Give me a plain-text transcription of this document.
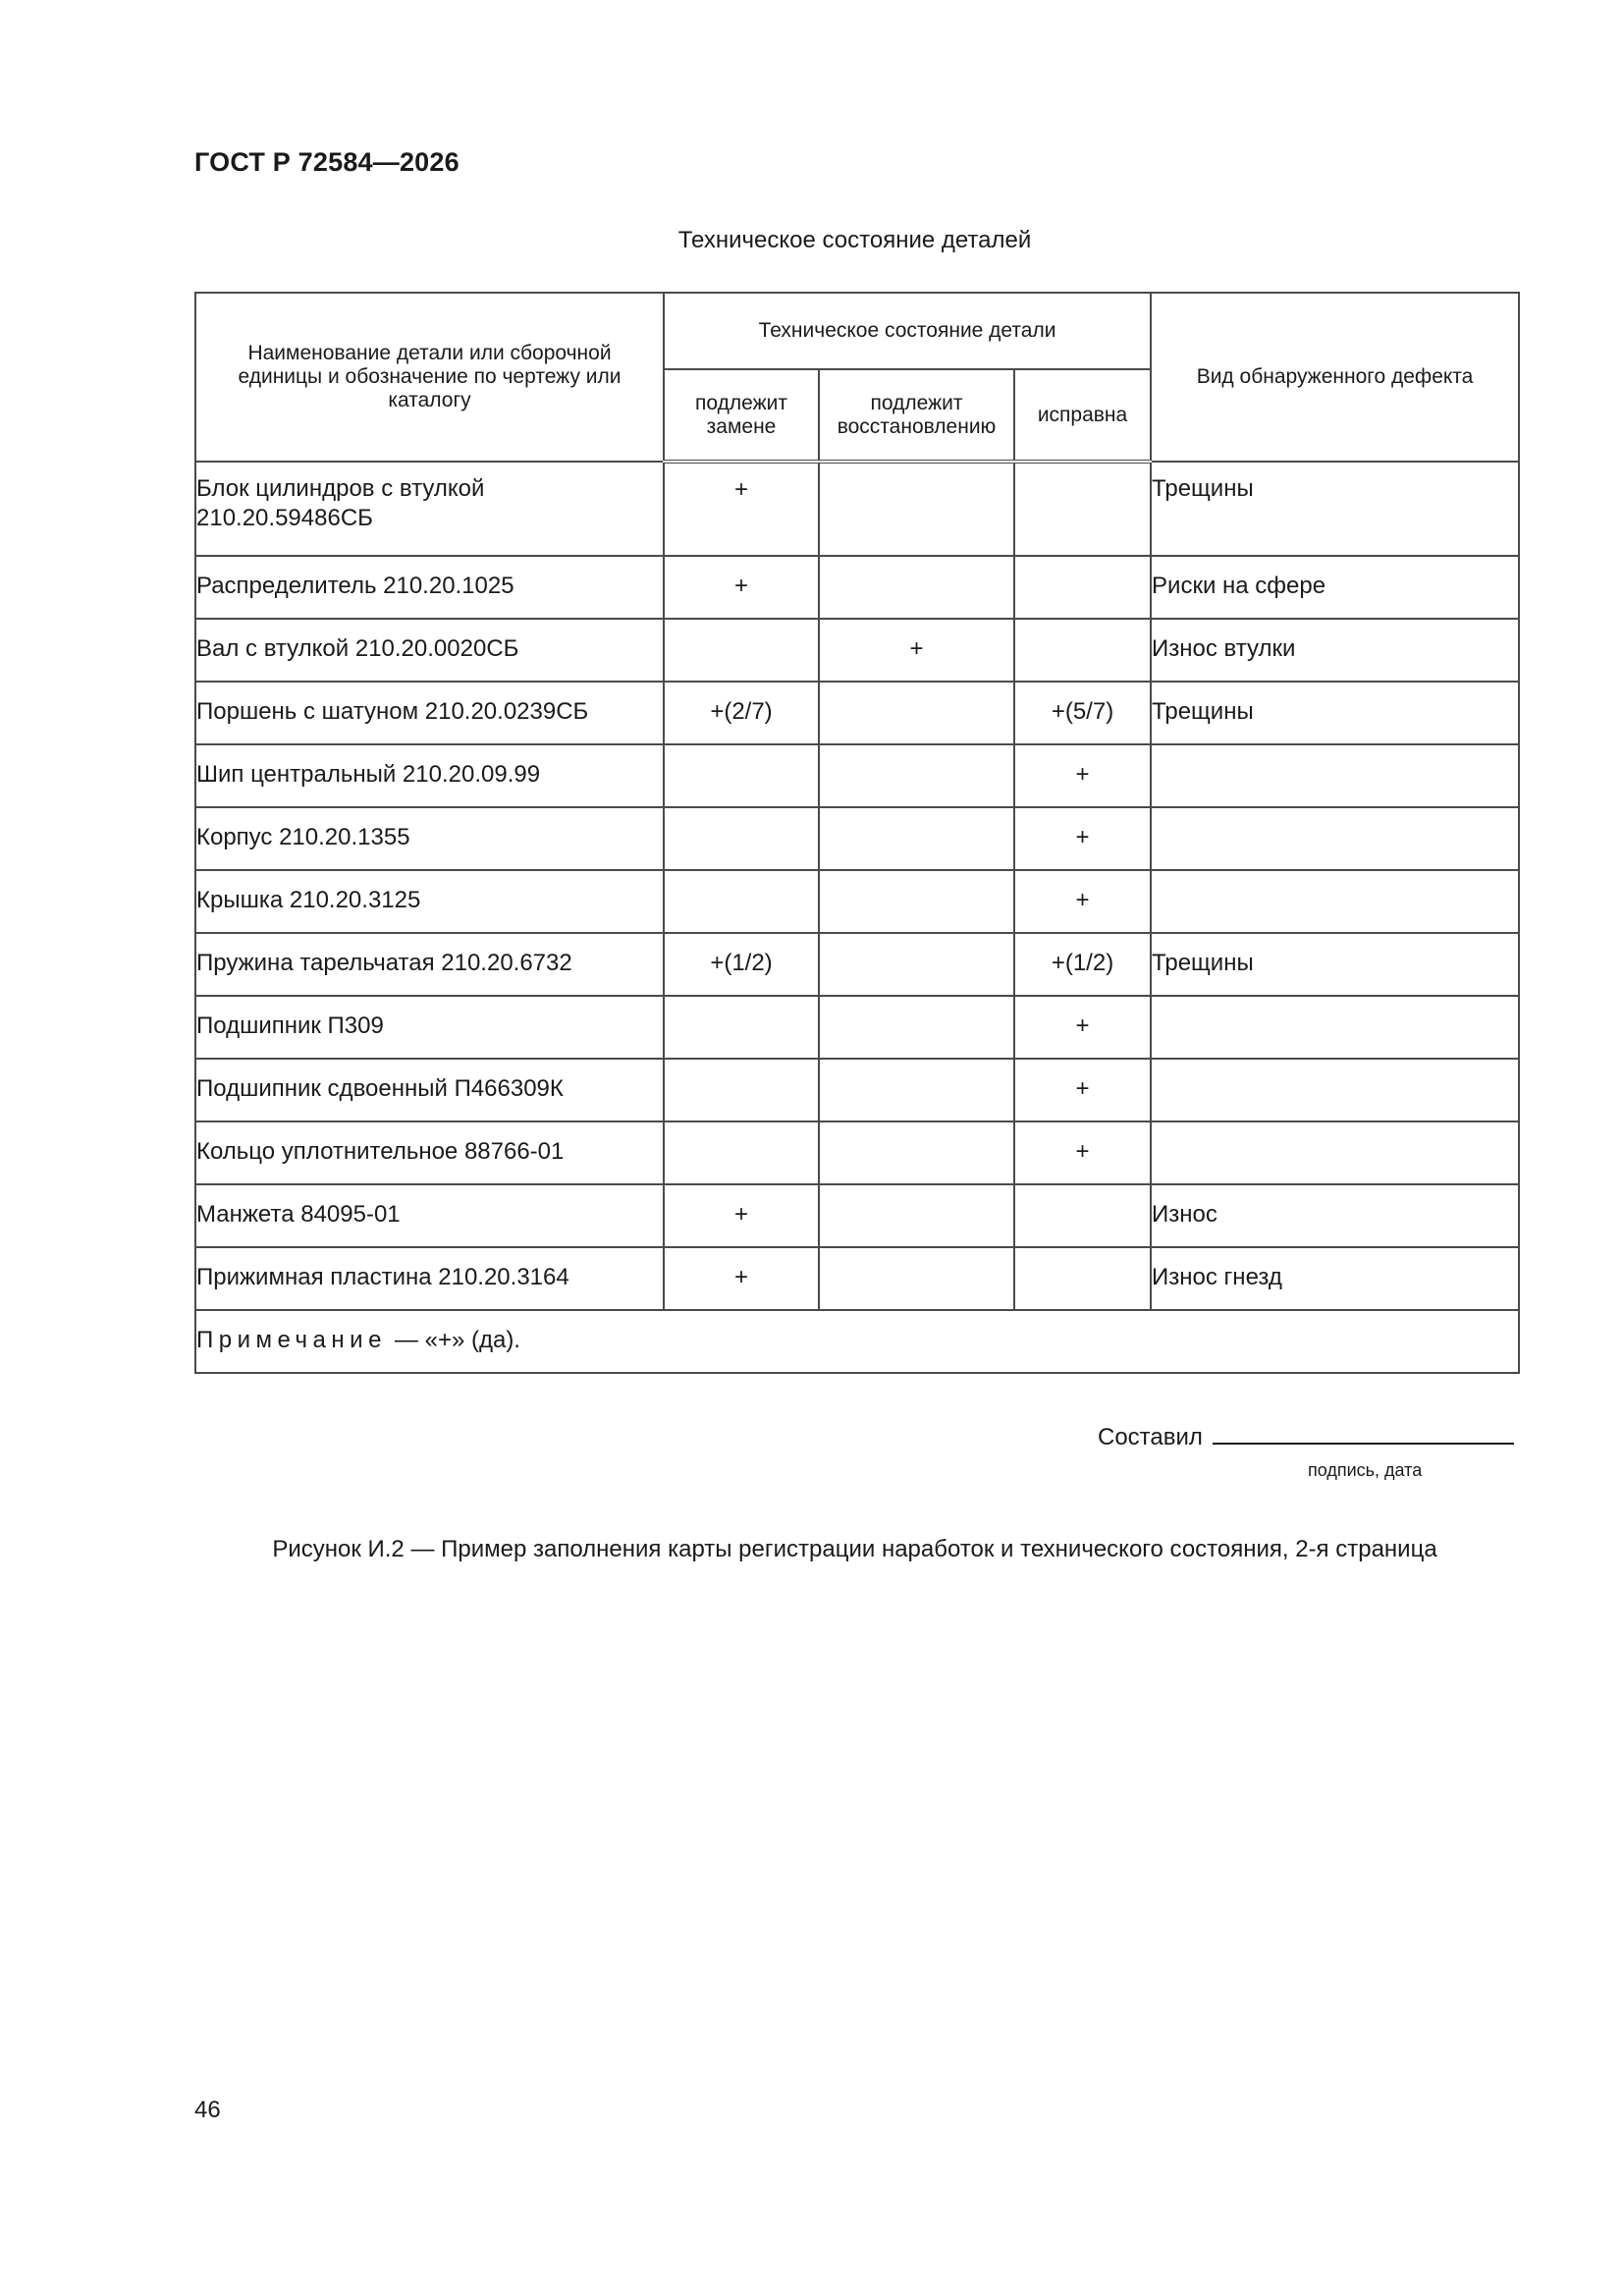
ГОСТ Р 72584—2026
Техническое состояние деталей
Наименование детали или сборочной единицы и обозначение по чертежу или каталогу	Техническое состояние детали			Вид обнаруженного дефекта
	подлежит замене	подлежит восстановлению	исправна	
Блок цилиндров с втулкой 210.20.59486СБ	+			Трещины
Распределитель 210.20.1025	+			Риски на сфере
Вал с втулкой 210.20.0020СБ		+		Износ втулки
Поршень с шатуном 210.20.0239СБ	+(2/7)		+(5/7)	Трещины
Шип центральный 210.20.09.99			+	
Корпус 210.20.1355			+	
Крышка 210.20.3125			+	
Пружина тарельчатая 210.20.6732	+(1/2)		+(1/2)	Трещины
Подшипник П309			+	
Подшипник сдвоенный П466309К			+	
Кольцо уплотнительное 88766-01			+	
Манжета 84095-01	+			Износ
Прижимная пластина 210.20.3164	+			Износ гнезд
Примечание — «+» (да).				
Составил
подпись, дата
Рисунок И.2 — Пример заполнения карты регистрации наработок и технического состояния, 2-я страница
46
